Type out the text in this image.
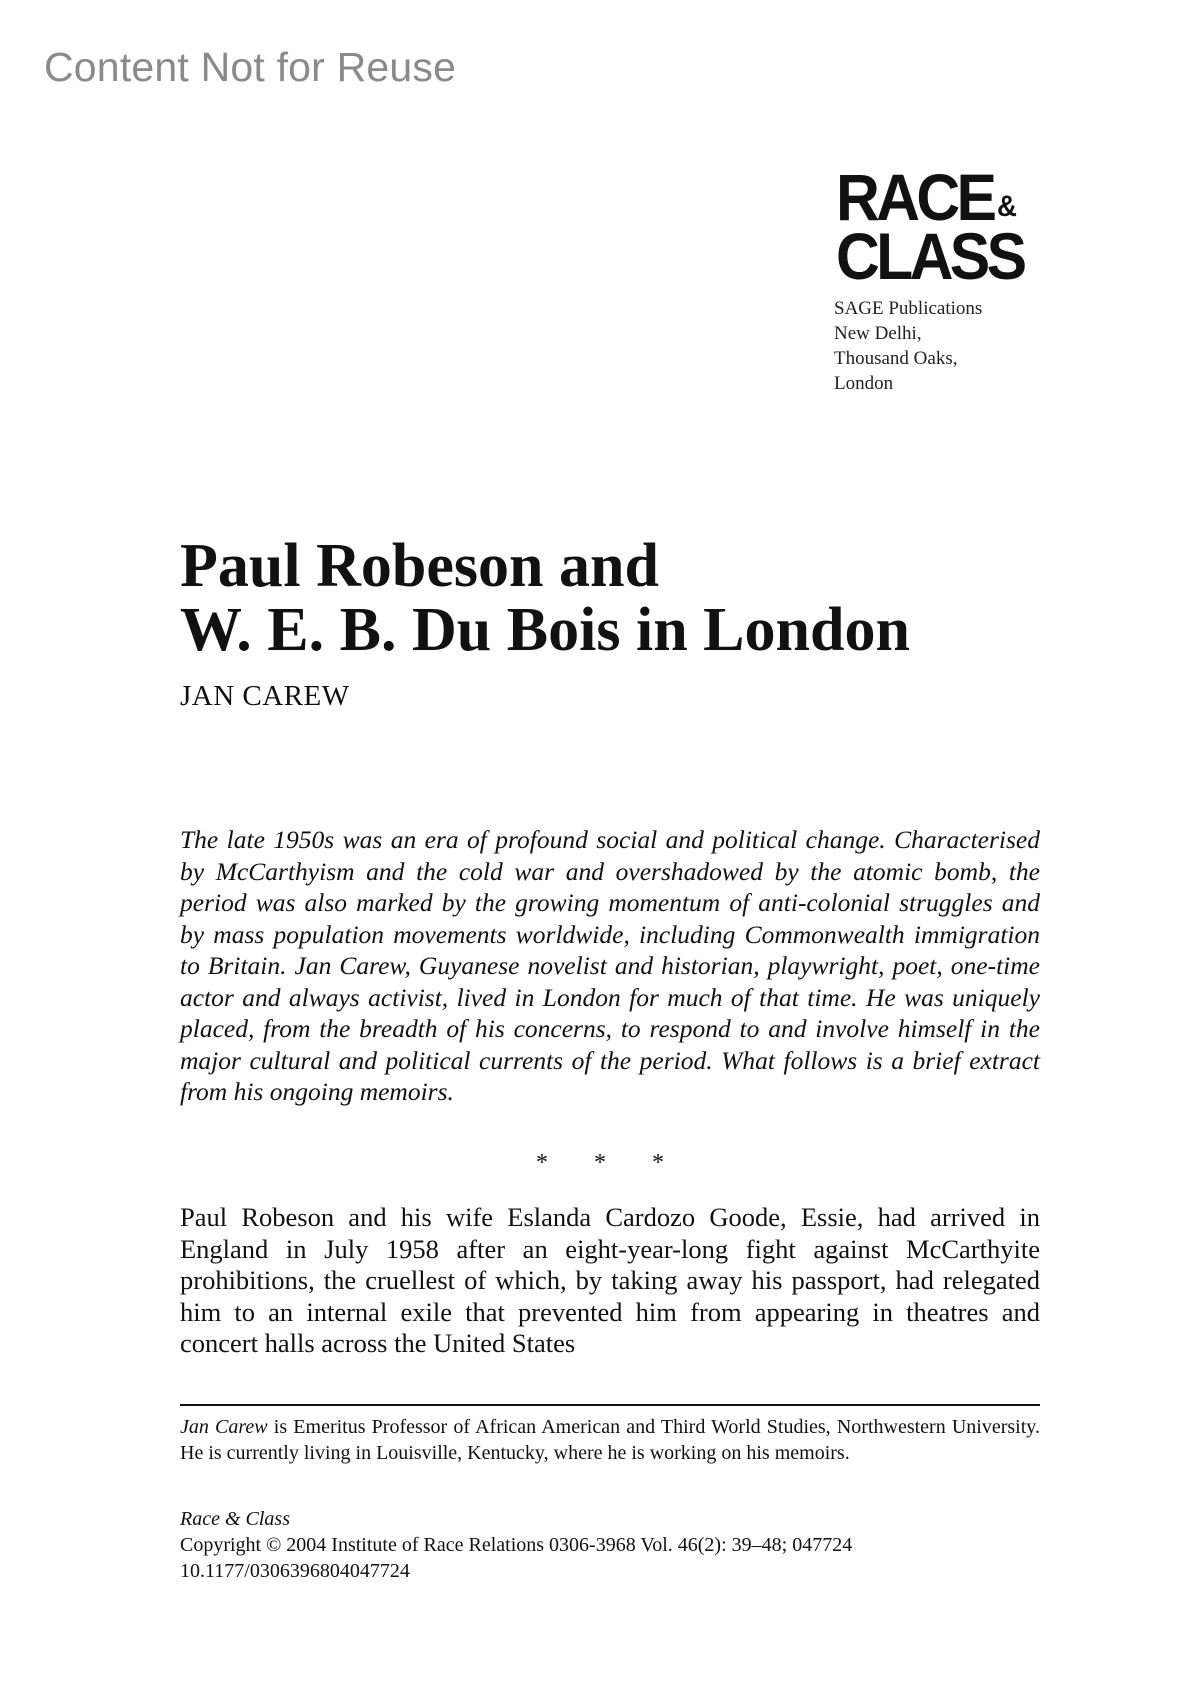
Content Not for Reuse
RACE &
CLASS
SAGE Publications
New Delhi,
Thousand Oaks,
London
Paul Robeson and
W. E. B. Du Bois in London
JAN CAREW

The late 1950s was an era of profound social and political change. Characterised by McCarthyism and the cold war and overshadowed by the atomic bomb, the period was also marked by the growing momentum of anti-colonial struggles and by mass population movements worldwide, including Commonwealth immigration to Britain. Jan Carew, Guyanese novelist and historian, playwright, poet, one-time actor and always activist, lived in London for much of that time. He was uniquely placed, from the breadth of his concerns, to respond to and involve himself in the major cultural and political currents of the period. What follows is a brief extract from his ongoing memoirs.

* * *

Paul Robeson and his wife Eslanda Cardozo Goode, Essie, had arrived in England in July 1958 after an eight-year-long fight against McCarthyite prohibitions, the cruellest of which, by taking away his passport, had relegated him to an internal exile that prevented him from appearing in theatres and concert halls across the United States

Jan Carew is Emeritus Professor of African American and Third World Studies, Northwestern University. He is currently living in Louisville, Kentucky, where he is working on his memoirs.

Race & Class
Copyright © 2004 Institute of Race Relations 0306-3968 Vol. 46(2): 39–48; 047724
10.1177/0306396804047724
